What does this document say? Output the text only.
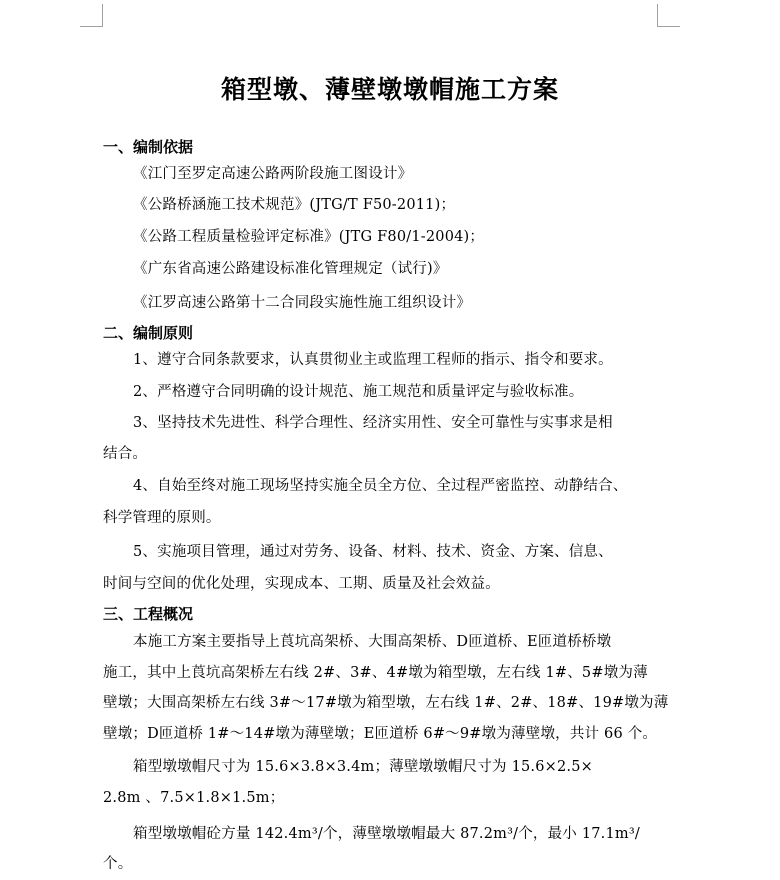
箱型墩、薄壁墩墩帽施工方案
一、编制依据
《江门至罗定高速公路两阶段施工图设计》
《公路桥涵施工技术规范》(JTG/T F50-2011)；
《公路工程质量检验评定标准》(JTG F80/1-2004)；
《广东省高速公路建设标准化管理规定（试行)》
《江罗高速公路第十二合同段实施性施工组织设计》
二、编制原则
1、遵守合同条款要求，认真贯彻业主或监理工程师的指示、指令和要求。
2、严格遵守合同明确的设计规范、施工规范和质量评定与验收标准。
3、坚持技术先进性、科学合理性、经济实用性、安全可靠性与实事求是相
结合。
4、自始至终对施工现场坚持实施全员全方位、全过程严密监控、动静结合、
科学管理的原则。
5、实施项目管理，通过对劳务、设备、材料、技术、资金、方案、信息、
时间与空间的优化处理，实现成本、工期、质量及社会效益。
三、工程概况
本施工方案主要指导上莨坑高架桥、大围高架桥、D匝道桥、E匝道桥桥墩
施工，其中上莨坑高架桥左右线 2#、3#、4#墩为箱型墩，左右线 1#、5#墩为薄
壁墩；大围高架桥左右线 3#～17#墩为箱型墩，左右线 1#、2#、18#、19#墩为薄
壁墩；D匝道桥 1#～14#墩为薄壁墩；E匝道桥 6#～9#墩为薄壁墩，共计 66 个。
箱型墩墩帽尺寸为 15.6×3.8×3.4m；薄壁墩墩帽尺寸为 15.6×2.5×
2.8m 、7.5×1.8×1.5m；
箱型墩墩帽砼方量 142.4m³/个，薄壁墩墩帽最大 87.2m³/个，最小 17.1m³/
个。
